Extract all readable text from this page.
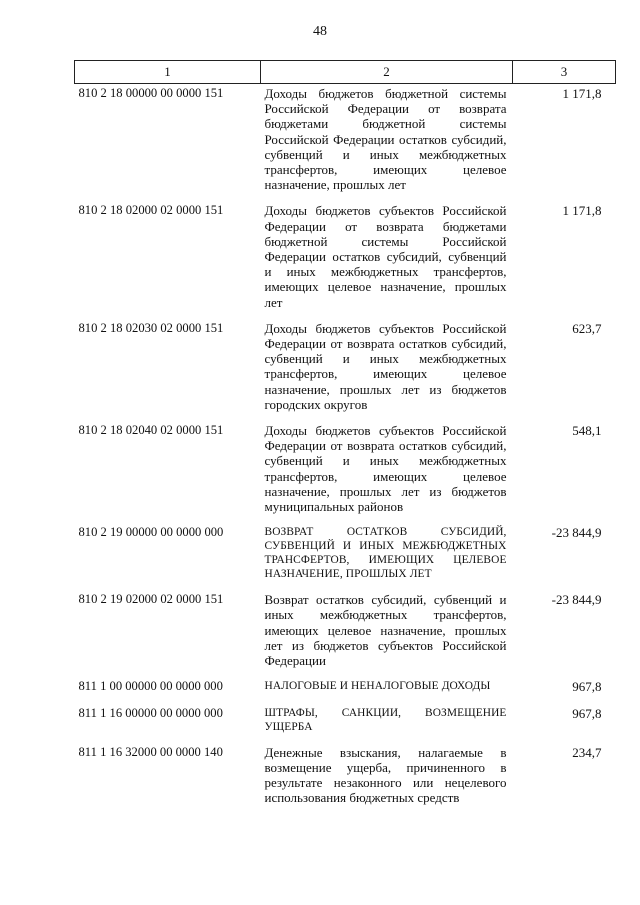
48
1	2	3
810 2 18 00000 00 0000 151	Доходы бюджетов бюджетной системы Российской Федерации от возврата бюджетами бюджетной системы Российской Федерации остатков субсидий, субвенций и иных межбюджетных трансфертов, имеющих целевое назначение, прошлых лет	1 171,8
810 2 18 02000 02 0000 151	Доходы бюджетов субъектов Российской Федерации от возврата бюджетами бюджетной системы Российской Федерации остатков субсидий, субвенций и иных межбюджетных трансфертов, имеющих целевое назначение, прошлых лет	1 171,8
810 2 18 02030 02 0000 151	Доходы бюджетов субъектов Российской Федерации от возврата остатков субсидий, субвенций и иных межбюджетных трансфертов, имеющих целевое назначение, прошлых лет из бюджетов городских округов	623,7
810 2 18 02040 02 0000 151	Доходы бюджетов субъектов Российской Федерации от возврата остатков субсидий, субвенций и иных межбюджетных трансфертов, имеющих целевое назначение, прошлых лет из бюджетов муниципальных районов	548,1
810 2 19 00000 00 0000 000	ВОЗВРАТ ОСТАТКОВ СУБСИДИЙ, СУБВЕНЦИЙ И ИНЫХ МЕЖБЮДЖЕТНЫХ ТРАНСФЕРТОВ, ИМЕЮЩИХ ЦЕЛЕВОЕ НАЗНАЧЕНИЕ, ПРОШЛЫХ ЛЕТ	-23 844,9
810 2 19 02000 02 0000 151	Возврат остатков субсидий, субвенций и иных межбюджетных трансфертов, имеющих целевое назначение, прошлых лет из бюджетов субъектов Российской Федерации	-23 844,9
811 1 00 00000 00 0000 000	НАЛОГОВЫЕ И НЕНАЛОГОВЫЕ ДОХОДЫ	967,8
811 1 16 00000 00 0000 000	ШТРАФЫ, САНКЦИИ, ВОЗМЕЩЕНИЕ УЩЕРБА	967,8
811 1 16 32000 00 0000 140	Денежные взыскания, налагаемые в возмещение ущерба, причиненного в результате незаконного или нецелевого использования бюджетных средств	234,7
